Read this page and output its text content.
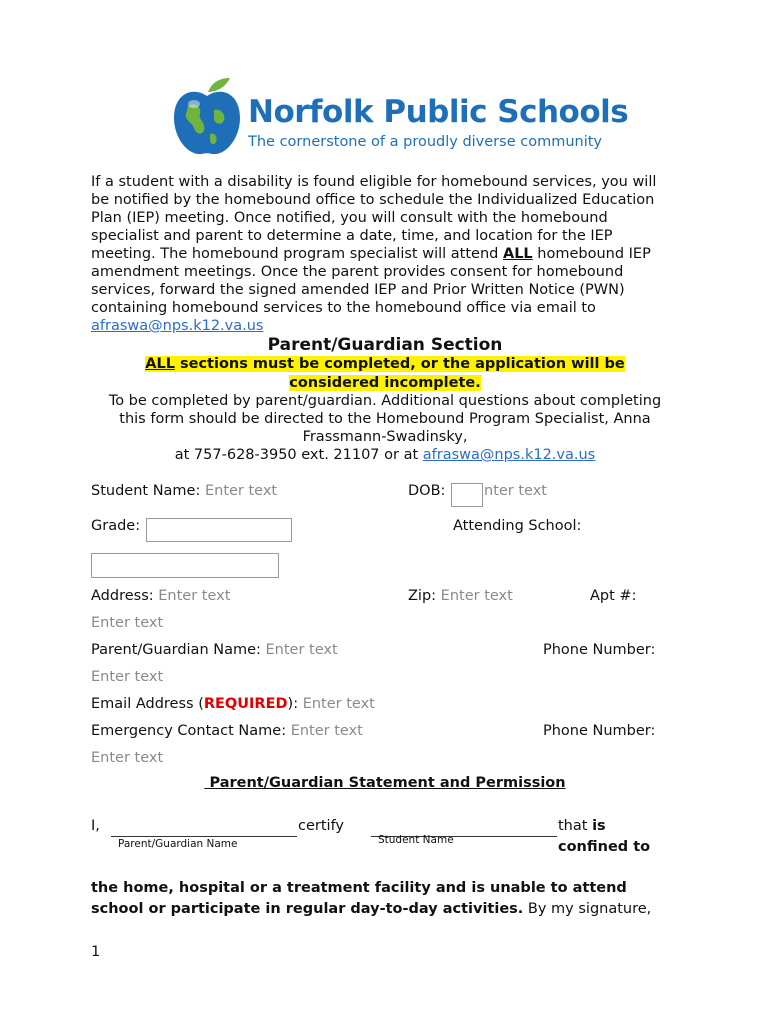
Norfolk Public Schools
The cornerstone of a proudly diverse community
If a student with a disability is found eligible for homebound services, you will
be notified by the homebound office to schedule the Individualized Education
Plan (IEP) meeting. Once notified, you will consult with the homebound
specialist and parent to determine a date, time, and location for the IEP
meeting. The homebound program specialist will attend ALL homebound IEP
amendment meetings. Once the parent provides consent for homebound
services, forward the signed amended IEP and Prior Written Notice (PWN)
containing homebound services to the homebound office via email to
afraswa@nps.k12.va.us
Parent/Guardian Section
ALL sections must be completed, or the application will be
considered incomplete.
To be completed by parent/guardian. Additional questions about completing
this form should be directed to the Homebound Program Specialist, Anna
Frassmann-Swadinsky,
at 757-628-3950 ext. 21107 or at afraswa@nps.k12.va.us
Student Name: Enter text	DOB:	nter text
Grade:	Attending School:
Address: Enter text	Zip: Enter text	Apt #:
Enter text
Parent/Guardian Name: Enter text	Phone Number:
Enter text
Email Address (REQUIRED): Enter text
Emergency Contact Name: Enter text	Phone Number:
Enter text
Parent/Guardian Statement and Permission
I,
Parent/Guardian Name
certify
Student Name
that is
confined to
the home, hospital or a treatment facility and is unable to attend
school or participate in regular day-to-day activities. By my signature,
1
